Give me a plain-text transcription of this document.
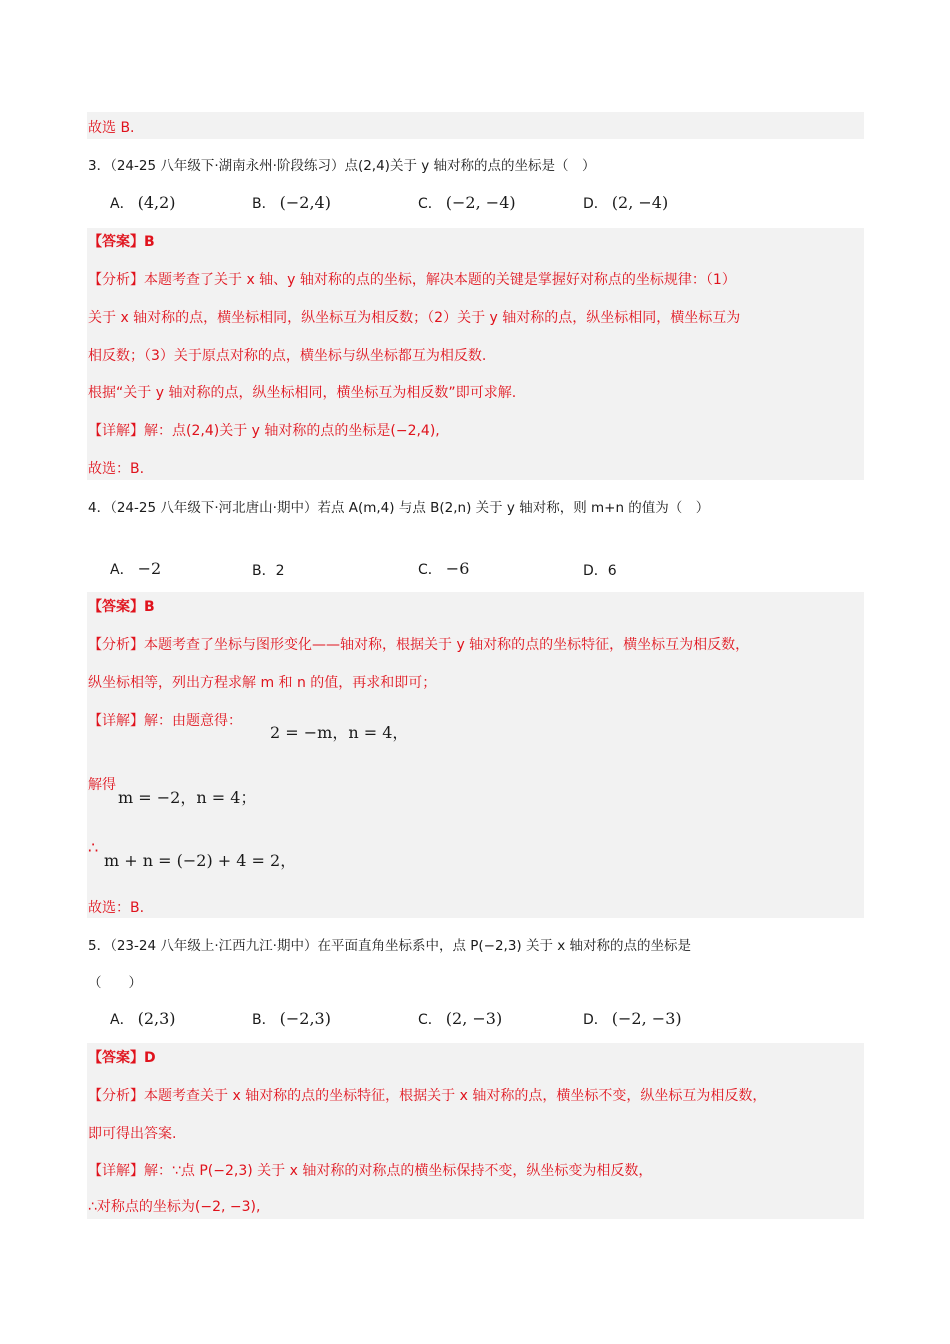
故选 B.
3．（24-25 八年级下·湖南永州·阶段练习）点(2,4)关于 y 轴对称的点的坐标是（　）
A． (4,2)	B． (−2,4)	C． (−2, −4)	D． (2, −4)
【答案】B
【分析】本题考查了关于 x 轴、y 轴对称的点的坐标，解决本题的关键是掌握好对称点的坐标规律：（1）
关于 x 轴对称的点，横坐标相同，纵坐标互为相反数；（2）关于 y 轴对称的点，纵坐标相同，横坐标互为
相反数；（3）关于原点对称的点，横坐标与纵坐标都互为相反数.
根据“关于 y 轴对称的点，纵坐标相同，横坐标互为相反数”即可求解.
【详解】解：点(2,4)关于 y 轴对称的点的坐标是(−2,4),
故选：B.
4．（24-25 八年级下·河北唐山·期中）若点 A(m,4) 与点 B(2,n) 关于 y 轴对称，则 m+n 的值为（　）
A． −2	B．2	C． −6	D．6
【答案】B
【分析】本题考查了坐标与图形变化——轴对称，根据关于 y 轴对称的点的坐标特征，横坐标互为相反数，
纵坐标相等，列出方程求解 m 和 n 的值，再求和即可；
【详解】解：由题意得：
2 = −m，n = 4，
解得
m = −2，n = 4；
∴
m + n = (−2) + 4 = 2，
故选：B.
5．（23-24 八年级上·江西九江·期中）在平面直角坐标系中，点 P(−2,3) 关于 x 轴对称的点的坐标是
（　　）
A． (2,3)	B． (−2,3)	C． (2, −3)	D． (−2, −3)
【答案】D
【分析】本题考查关于 x 轴对称的点的坐标特征，根据关于 x 轴对称的点，横坐标不变，纵坐标互为相反数，
即可得出答案.
【详解】解：∵点 P(−2,3) 关于 x 轴对称的对称点的横坐标保持不变，纵坐标变为相反数，
∴对称点的坐标为(−2, −3),
